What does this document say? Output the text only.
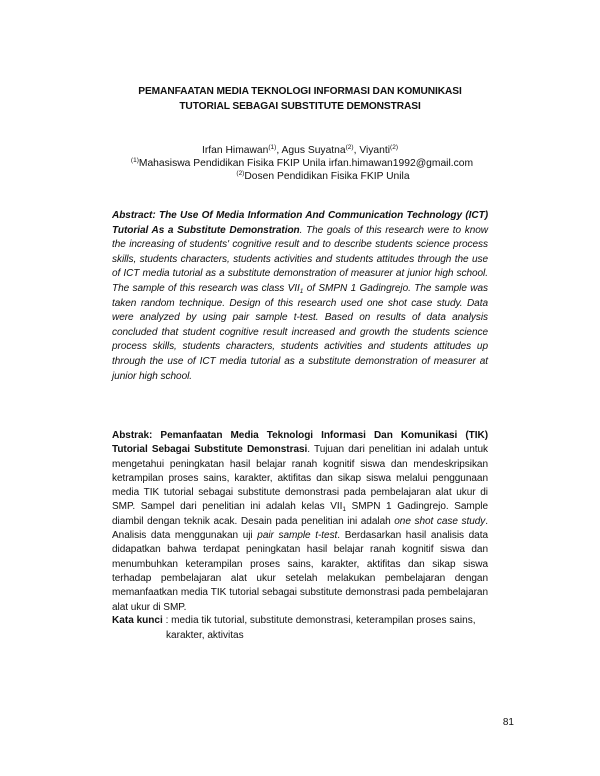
PEMANFAATAN MEDIA TEKNOLOGI INFORMASI DAN KOMUNIKASI
TUTORIAL SEBAGAI SUBSTITUTE DEMONSTRASI
Irfan Himawan$^{(1)}$, Agus Suyatna$^{(2)}$, Viyanti$^{(2)}$
$^{(1)}$Mahasiswa Pendidikan Fisika FKIP Unila irfan.himawan1992@gmail.com
$^{(2)}$Dosen Pendidikan Fisika FKIP Unila
Abstract: The Use Of Media Information And Communication Technology (ICT) Tutorial As a Substitute Demonstration. The goals of this research were to know the increasing of students' cognitive result and to describe students science process skills, students characters, students activities and students attitudes through the use of ICT media tutorial as a substitute demonstration of measurer at junior high school. The sample of this research was class $VII_1$ of SMPN 1 Gadingrejo. The sample was taken random technique. Design of this research used one shot case study. Data were analyzed by using pair sample t-test. Based on results of data analysis concluded that student cognitive result increased and growth the students science process skills, students characters, students activities and students attitudes up through the use of ICT media tutorial as a substitute demonstration of measurer at junior high school.
Abstrak: Pemanfaatan Media Teknologi Informasi Dan Komunikasi (TIK) Tutorial Sebagai Substitute Demonstrasi. Tujuan dari penelitian ini adalah untuk mengetahui peningkatan hasil belajar ranah kognitif siswa dan mendeskripsikan ketrampilan proses sains, karakter, aktifitas dan sikap siswa melalui penggunaan media TIK tutorial sebagai substitute demonstrasi pada pembelajaran alat ukur di SMP. Sampel dari penelitian ini adalah kelas $VII_1$ SMPN 1 Gadingrejo. Sample diambil dengan teknik acak. Desain pada penelitian ini adalah one shot case study. Analisis data menggunakan uji pair sample t-test. Berdasarkan hasil analisis data didapatkan bahwa terdapat peningkatan hasil belajar ranah kognitif siswa dan menumbuhkan keterampilan proses sains, karakter, aktifitas dan sikap siswa terhadap pembelajaran alat ukur setelah melakukan pembelajaran dengan memanfaatkan media TIK tutorial sebagai substitute demonstrasi pada pembelajaran alat ukur di SMP.
Kata kunci : media tik tutorial, substitute demonstrasi, keterampilan proses sains,
karakter, aktivitas
81
